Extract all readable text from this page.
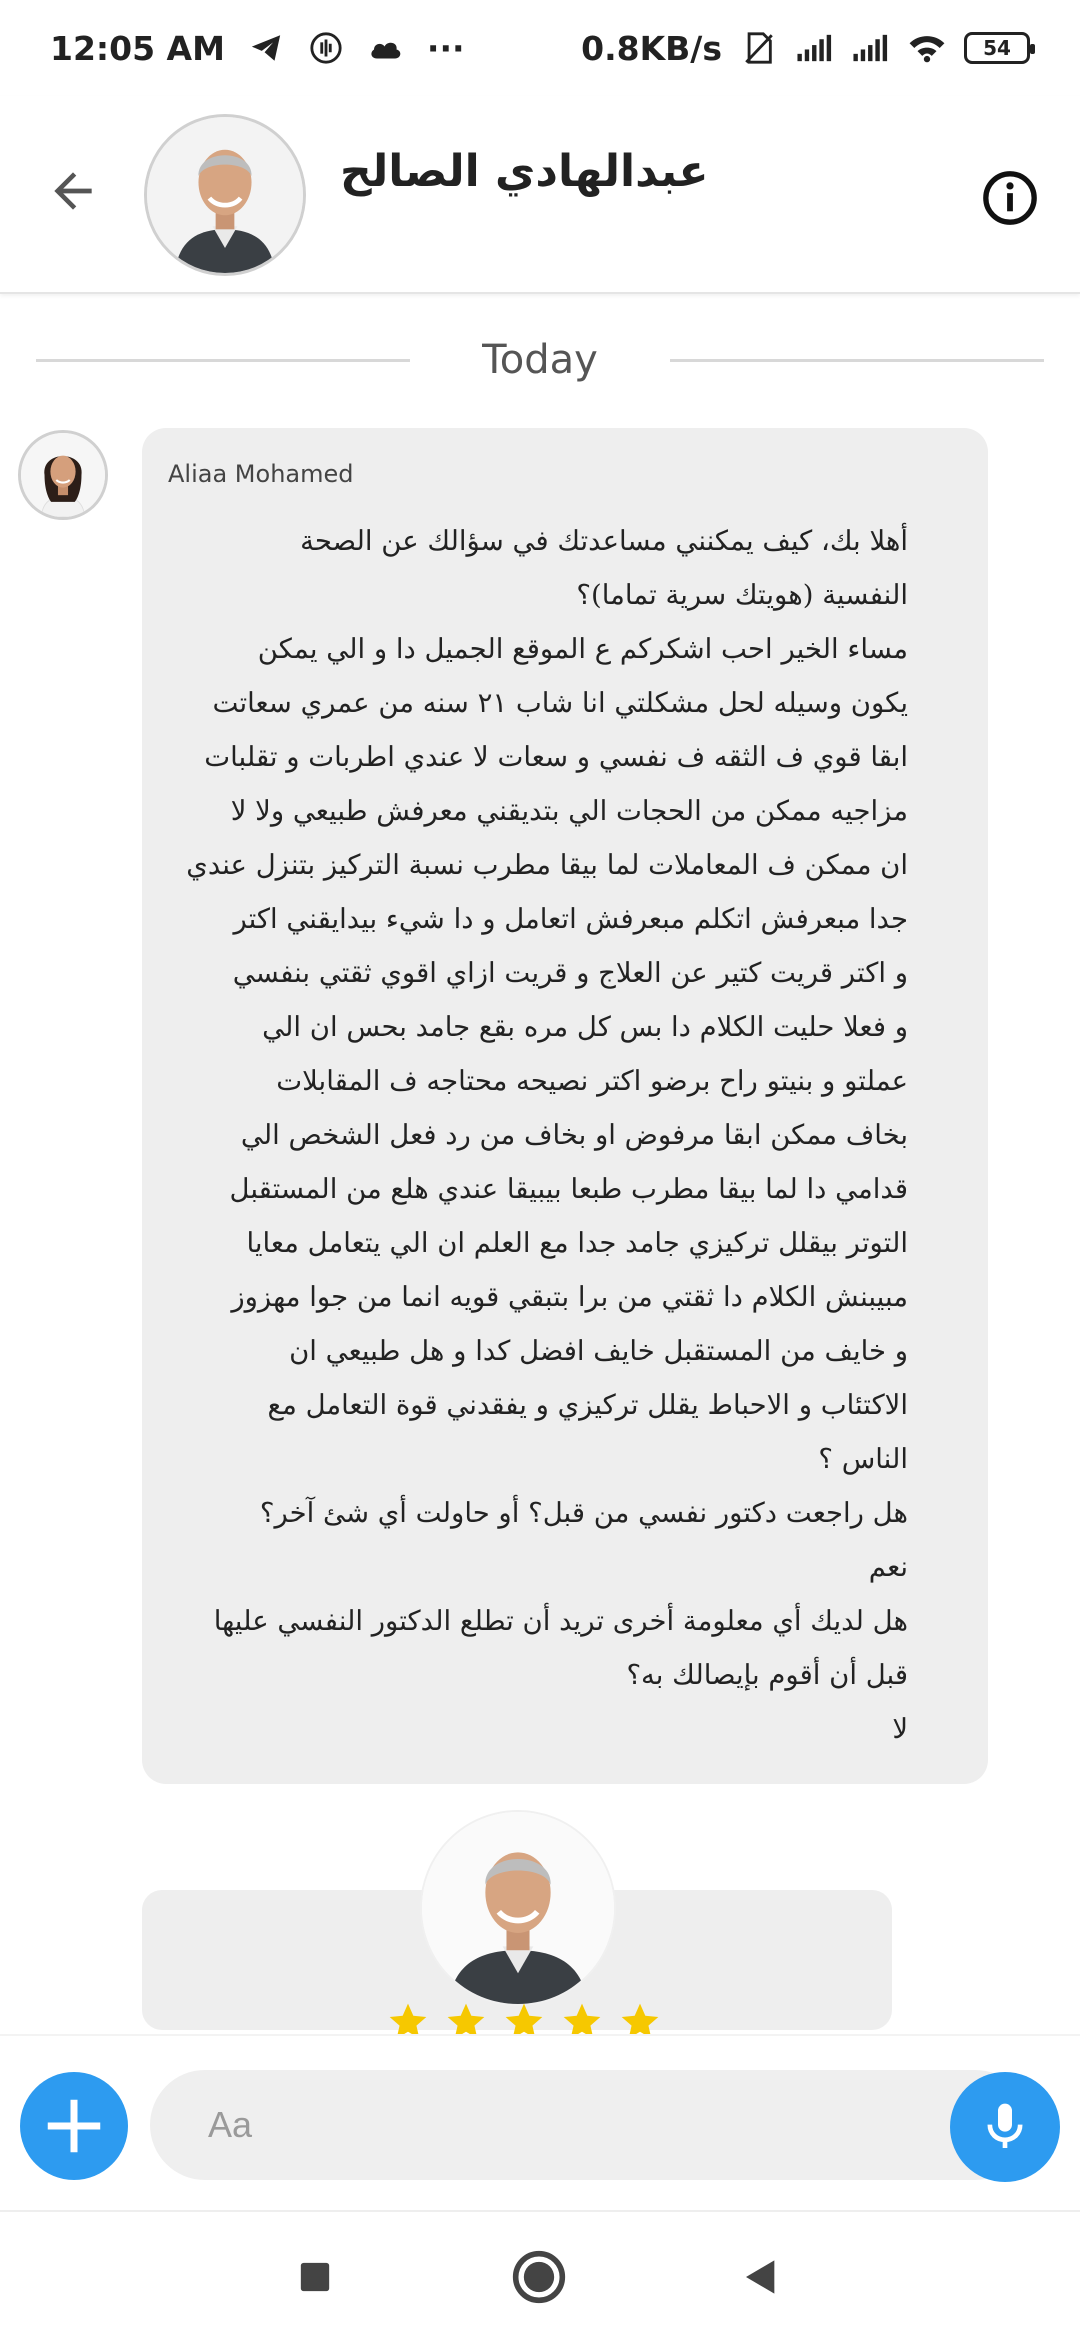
12:05 AM	···	0.8KB/s	54
عبدالهادي الصالح
Today
Aliaa Mohamed
أهلا بك، كيف يمكنني مساعدتك في سؤالك عن الصحة
النفسية (هويتك سرية تماما)؟
مساء الخير احب اشكركم ع الموقع الجميل دا و الي يمكن
يكون وسيله لحل مشكلتي انا شاب ٢١ سنه من عمري سعاتت
ابقا قوي ف الثقه ف نفسي و سعات لا عندي اطربات و تقلبات
مزاجيه ممكن من الحجات الي بتديقني معرفش طبيعي ولا لا
ان ممكن ف المعاملات لما بيقا مطرب نسبة التركيز بتنزل عندي
جدا مبعرفش اتكلم مبعرفش اتعامل و دا شيء بيدايقني اكتر
و اكتر قريت كتير عن العلاج و قريت ازاي اقوي ثقتي بنفسي
و فعلا حليت الكلام دا بس كل مره بقع جامد بحس ان الي
عملتو و بنيتو راح برضو اكتر نصيحه محتاجه ف المقابلات
بخاف ممكن ابقا مرفوض او بخاف من رد فعل الشخص الي
قدامي دا لما بيقا مطرب طبعا بيبيقا عندي هلع من المستقبل
التوتر بيقلل تركيزي جامد جدا مع العلم ان الي يتعامل معايا
مبيبنش الكلام دا ثقتي من برا بتبقي قويه انما من جوا مهزوز
و خايف من المستقبل خايف افضل كدا و هل طبيعي ان
الاكتئاب و الاحباط يقلل تركيزي و يفقدني قوة التعامل مع
الناس ؟
هل راجعت دكتور نفسي من قبل؟ أو حاولت أي شئ آخر؟
نعم
هل لديك أي معلومة أخرى تريد أن تطلع الدكتور النفسي عليها
قبل أن أقوم بإيصالك به؟
لا
Aa
